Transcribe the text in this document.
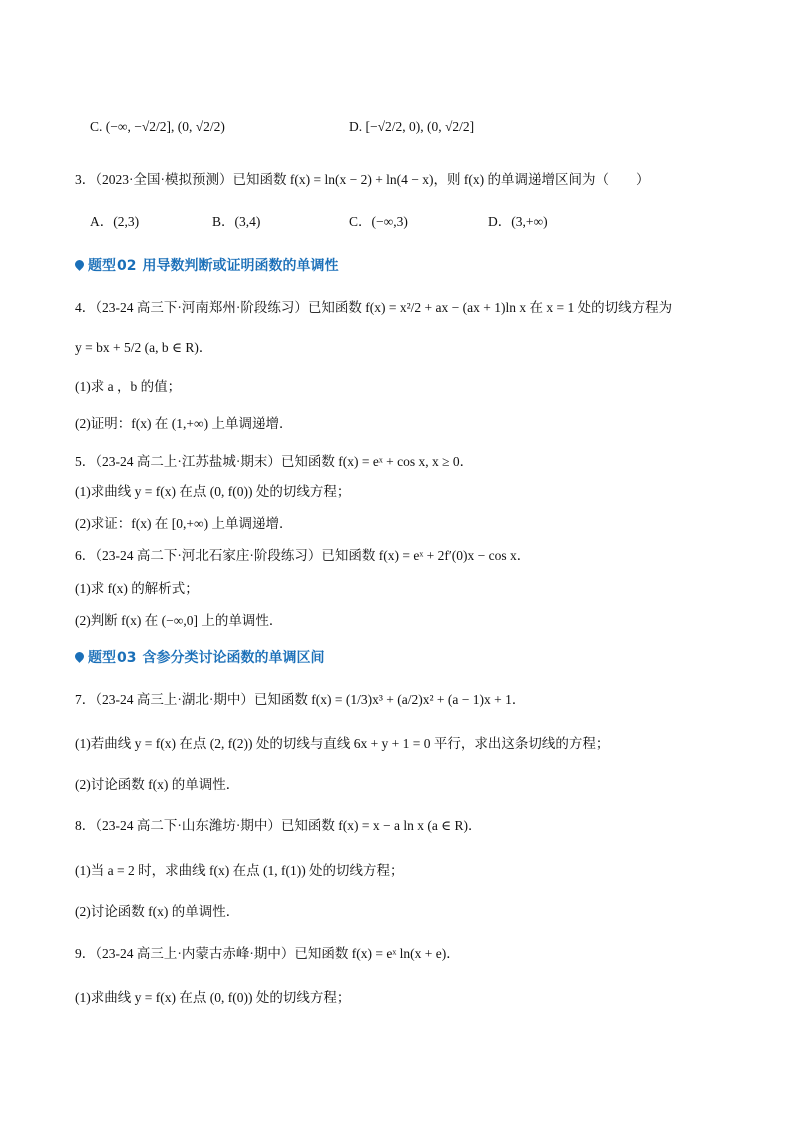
C. (−∞, −√2/2], (0, √2/2)	D. [−√2/2, 0), (0, √2/2]
3．（2023·全国·模拟预测）已知函数 f(x) = ln(x − 2) + ln(4 − x)，则 f(x) 的单调递增区间为（　　）
A．(2,3)	B．(3,4)	C．(−∞,3)	D．(3,+∞)
题型02 用导数判断或证明函数的单调性
4．（23-24 高三下·河南郑州·阶段练习）已知函数 f(x) = x²/2 + ax − (ax + 1)ln x 在 x = 1 处的切线方程为
y = bx + 5/2 (a, b ∈ R)．
(1)求 a ，b 的值；
(2)证明：f(x) 在 (1,+∞) 上单调递增．
5．（23-24 高二上·江苏盐城·期末）已知函数 f(x) = eˣ + cos x, x ≥ 0．
(1)求曲线 y = f(x) 在点 (0, f(0)) 处的切线方程；
(2)求证：f(x) 在 [0,+∞) 上单调递增．
6．（23-24 高二下·河北石家庄·阶段练习）已知函数 f(x) = eˣ + 2f′(0)x − cos x．
(1)求 f(x) 的解析式；
(2)判断 f(x) 在 (−∞,0] 上的单调性．
题型03 含参分类讨论函数的单调区间
7．（23-24 高三上·湖北·期中）已知函数 f(x) = (1/3)x³ + (a/2)x² + (a − 1)x + 1．
(1)若曲线 y = f(x) 在点 (2, f(2)) 处的切线与直线 6x + y + 1 = 0 平行，求出这条切线的方程；
(2)讨论函数 f(x) 的单调性．
8．（23-24 高二下·山东潍坊·期中）已知函数 f(x) = x − a ln x (a ∈ R)．
(1)当 a = 2 时，求曲线 f(x) 在点 (1, f(1)) 处的切线方程；
(2)讨论函数 f(x) 的单调性．
9．（23-24 高三上·内蒙古赤峰·期中）已知函数 f(x) = eˣ ln(x + e)．
(1)求曲线 y = f(x) 在点 (0, f(0)) 处的切线方程；
